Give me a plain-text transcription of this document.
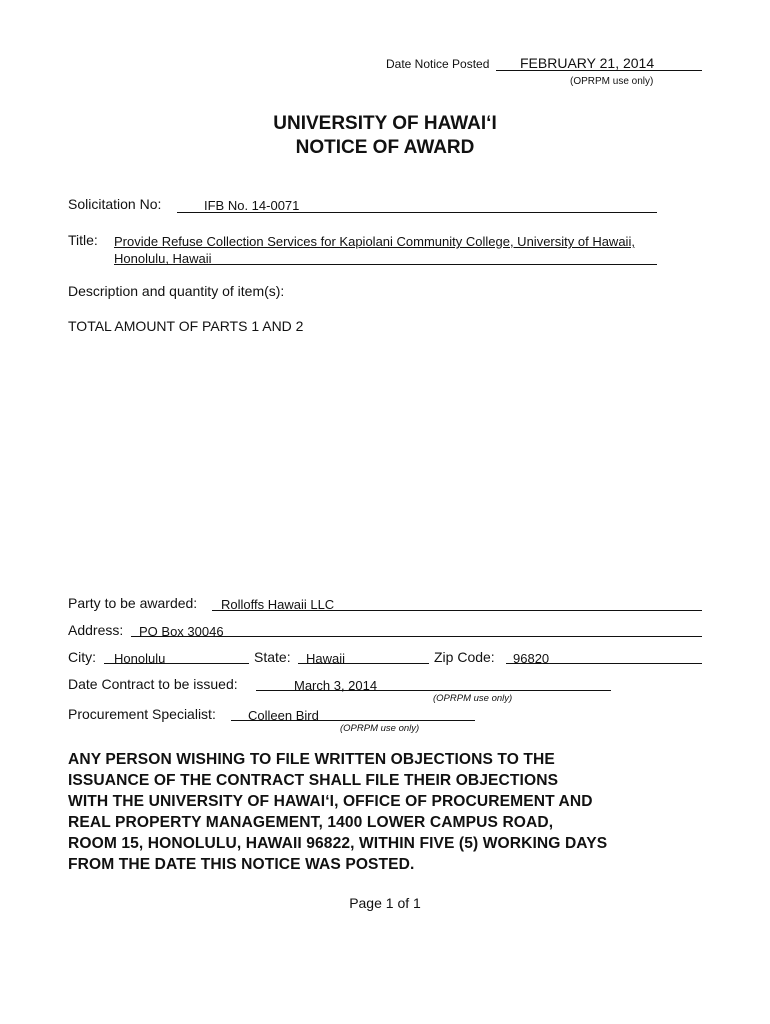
Date Notice Posted FEBRUARY 21, 2014
(OPRPM use only)
UNIVERSITY OF HAWAI‘I
NOTICE OF AWARD
Solicitation No:	IFB No. 14-0071
Title: Provide Refuse Collection Services for Kapiolani Community College, University of Hawaii,
Honolulu, Hawaii
Description and quantity of item(s):
TOTAL AMOUNT OF PARTS 1 AND 2
Party to be awarded: Rolloffs Hawaii LLC
Address: PO Box 30046
City: Honolulu	State: Hawaii	Zip Code: 96820
Date Contract to be issued:	March 3, 2014
(OPRPM use only)
Procurement Specialist: Colleen Bird
(OPRPM use only)
ANY PERSON WISHING TO FILE WRITTEN OBJECTIONS TO THE
ISSUANCE OF THE CONTRACT SHALL FILE THEIR OBJECTIONS
WITH THE UNIVERSITY OF HAWAI‘I, OFFICE OF PROCUREMENT AND
REAL PROPERTY MANAGEMENT, 1400 LOWER CAMPUS ROAD,
ROOM 15, HONOLULU, HAWAII 96822, WITHIN FIVE (5) WORKING DAYS
FROM THE DATE THIS NOTICE WAS POSTED.
Page 1 of 1
